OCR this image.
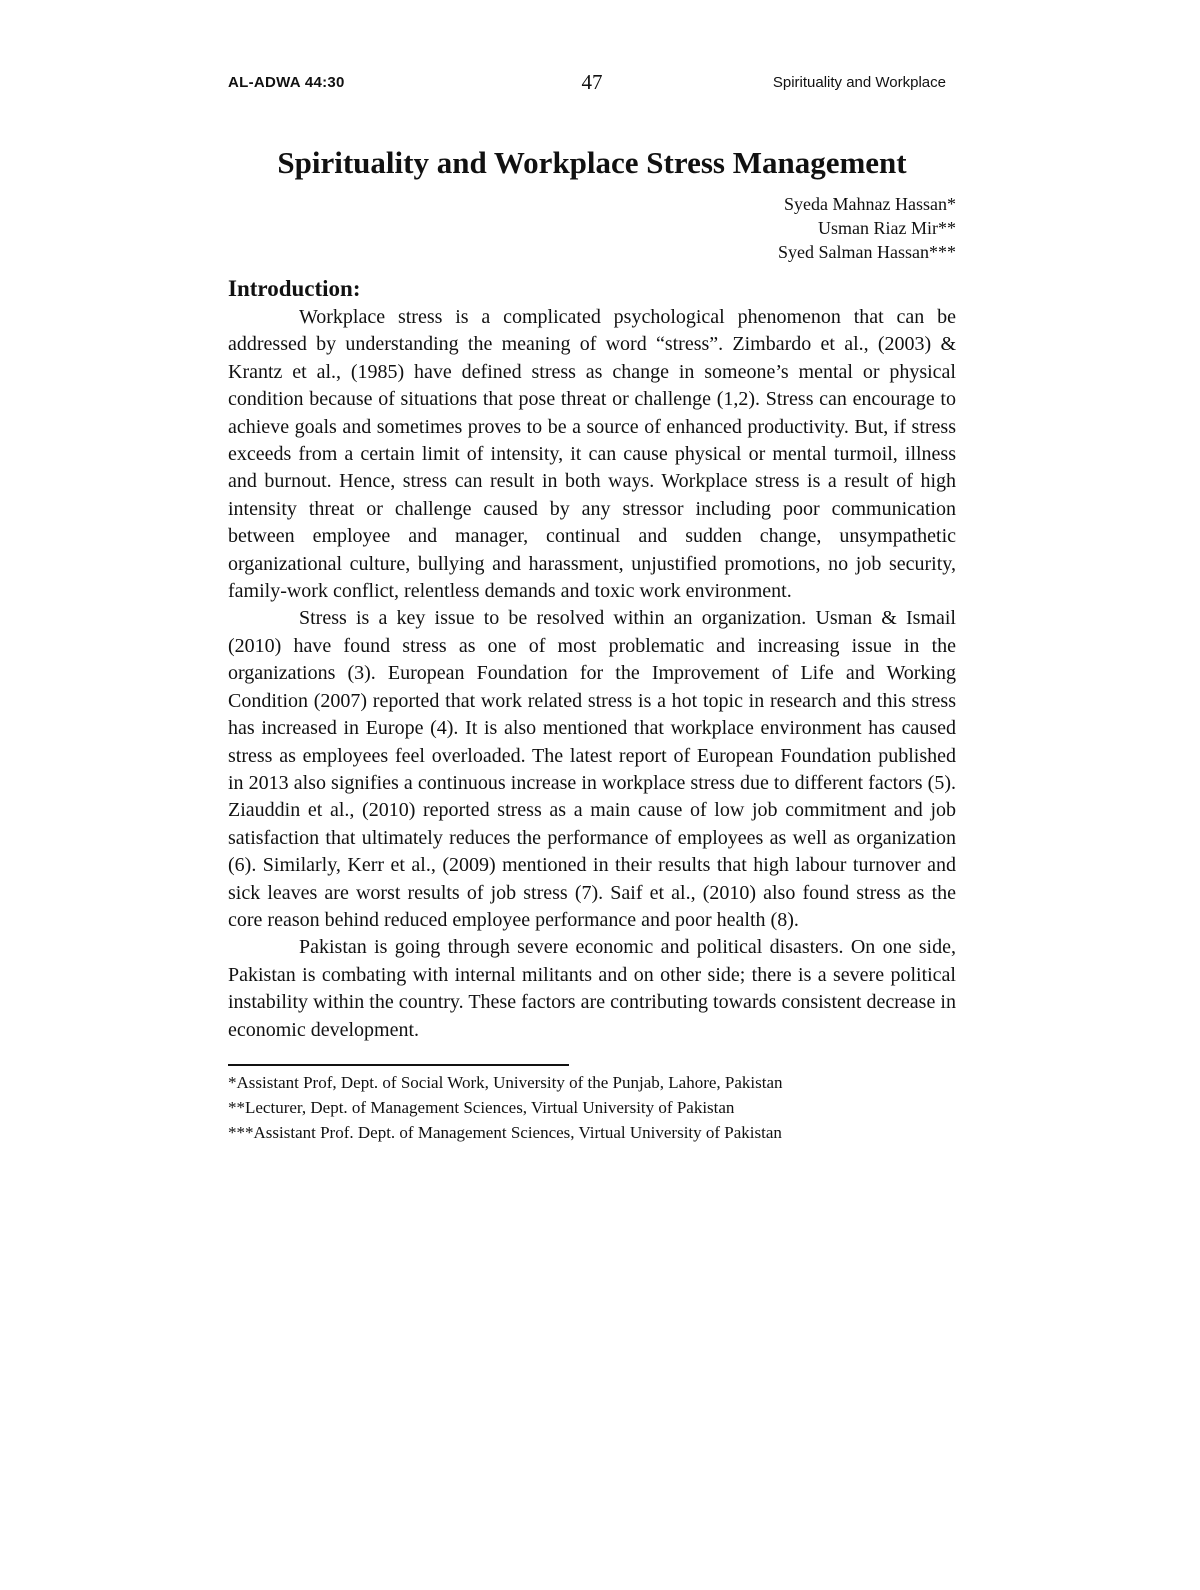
AL-ADWA 44:30	47	Spirituality and Workplace
Spirituality and Workplace Stress Management
Syeda Mahnaz Hassan*
Usman Riaz Mir**
Syed Salman Hassan***
Introduction:

Workplace stress is a complicated psychological phenomenon that can be addressed by understanding the meaning of word “stress”. Zimbardo et al., (2003) & Krantz et al., (1985) have defined stress as change in someone’s mental or physical condition because of situations that pose threat or challenge (1,2). Stress can encourage to achieve goals and sometimes proves to be a source of enhanced productivity. But, if stress exceeds from a certain limit of intensity, it can cause physical or mental turmoil, illness and burnout. Hence, stress can result in both ways. Workplace stress is a result of high intensity threat or challenge caused by any stressor including poor communication between employee and manager, continual and sudden change, unsympathetic organizational culture, bullying and harassment, unjustified promotions, no job security, family-work conflict, relentless demands and toxic work environment.

Stress is a key issue to be resolved within an organization. Usman & Ismail (2010) have found stress as one of most problematic and increasing issue in the organizations (3). European Foundation for the Improvement of Life and Working Condition (2007) reported that work related stress is a hot topic in research and this stress has increased in Europe (4). It is also mentioned that workplace environment has caused stress as employees feel overloaded. The latest report of European Foundation published in 2013 also signifies a continuous increase in workplace stress due to different factors (5). Ziauddin et al., (2010) reported stress as a main cause of low job commitment and job satisfaction that ultimately reduces the performance of employees as well as organization (6). Similarly, Kerr et al., (2009) mentioned in their results that high labour turnover and sick leaves are worst results of job stress (7). Saif et al., (2010) also found stress as the core reason behind reduced employee performance and poor health (8).

Pakistan is going through severe economic and political disasters. On one side, Pakistan is combating with internal militants and on other side; there is a severe political instability within the country. These factors are contributing towards consistent decrease in economic development.

*Assistant Prof, Dept. of Social Work, University of the Punjab, Lahore, Pakistan
**Lecturer, Dept. of Management Sciences, Virtual University of Pakistan
***Assistant Prof. Dept. of Management Sciences, Virtual University of Pakistan
